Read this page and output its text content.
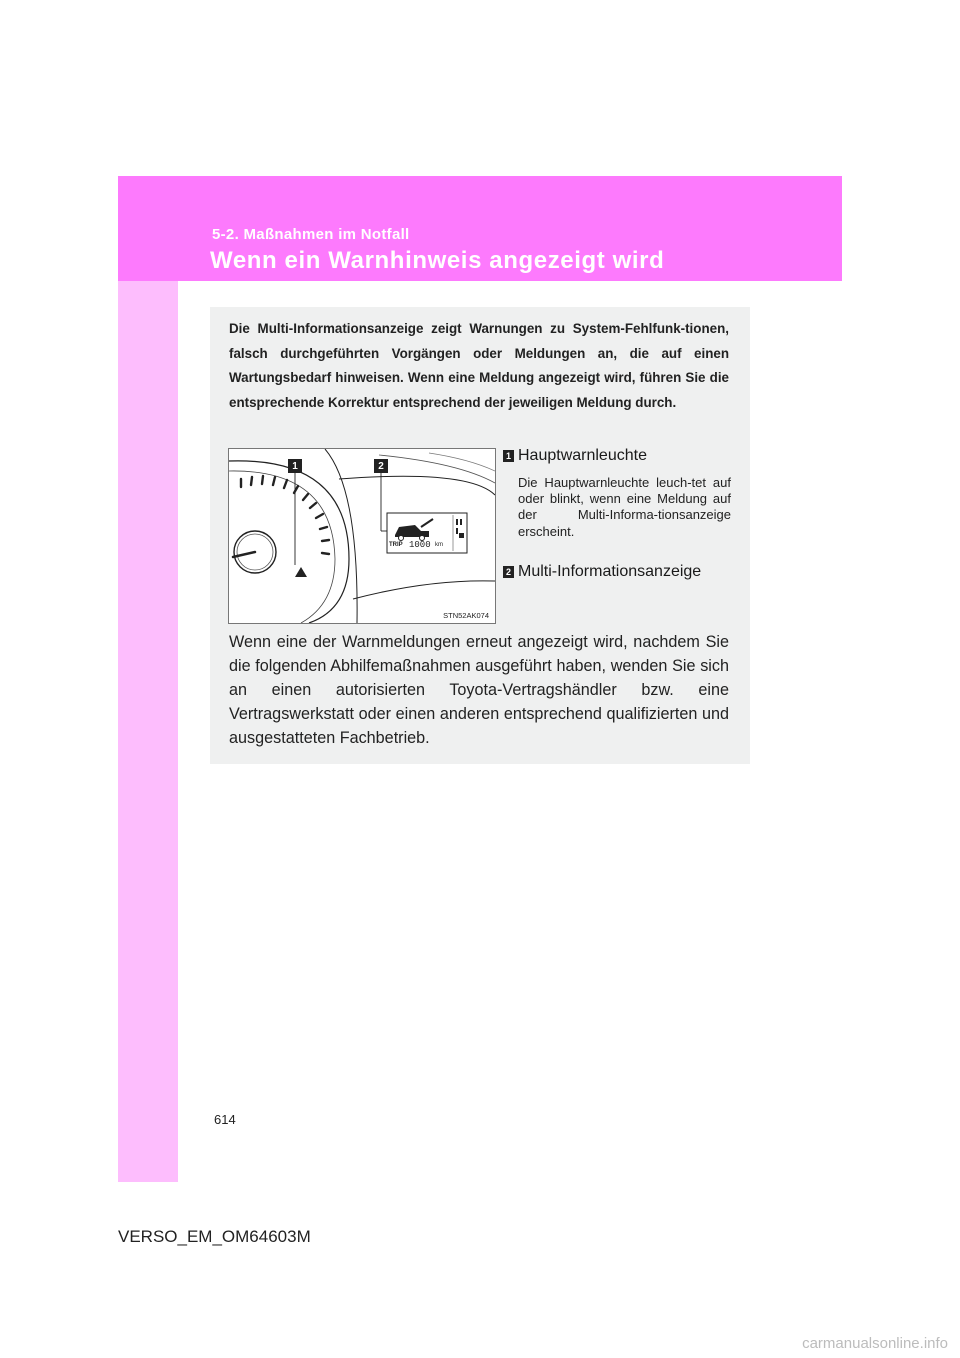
5-2. Maßnahmen im Notfall
Wenn ein Warnhinweis angezeigt wird

Die Multi-Informationsanzeige zeigt Warnungen zu System-Fehlfunk-tionen, falsch durchgeführten Vorgängen oder Meldungen an, die auf einen Wartungsbedarf hinweisen. Wenn eine Meldung angezeigt wird, führen Sie die entsprechende Korrektur entsprechend der jeweiligen Meldung durch.

1	2
TRIP 1000 km
STN52AK074
1 Hauptwarnleuchte
Die Hauptwarnleuchte leuch-tet auf oder blinkt, wenn eine Meldung auf der Multi-Informa-tionsanzeige erscheint.
2 Multi-Informationsanzeige

Wenn eine der Warnmeldungen erneut angezeigt wird, nachdem Sie die folgenden Abhilfemaßnahmen ausgeführt haben, wenden Sie sich an einen autorisierten Toyota-Vertragshändler bzw. eine Vertragswerkstatt oder einen anderen entsprechend qualifizierten und ausgestatteten Fachbetrieb.

614
VERSO_EM_OM64603M
carmanualsonline.info
